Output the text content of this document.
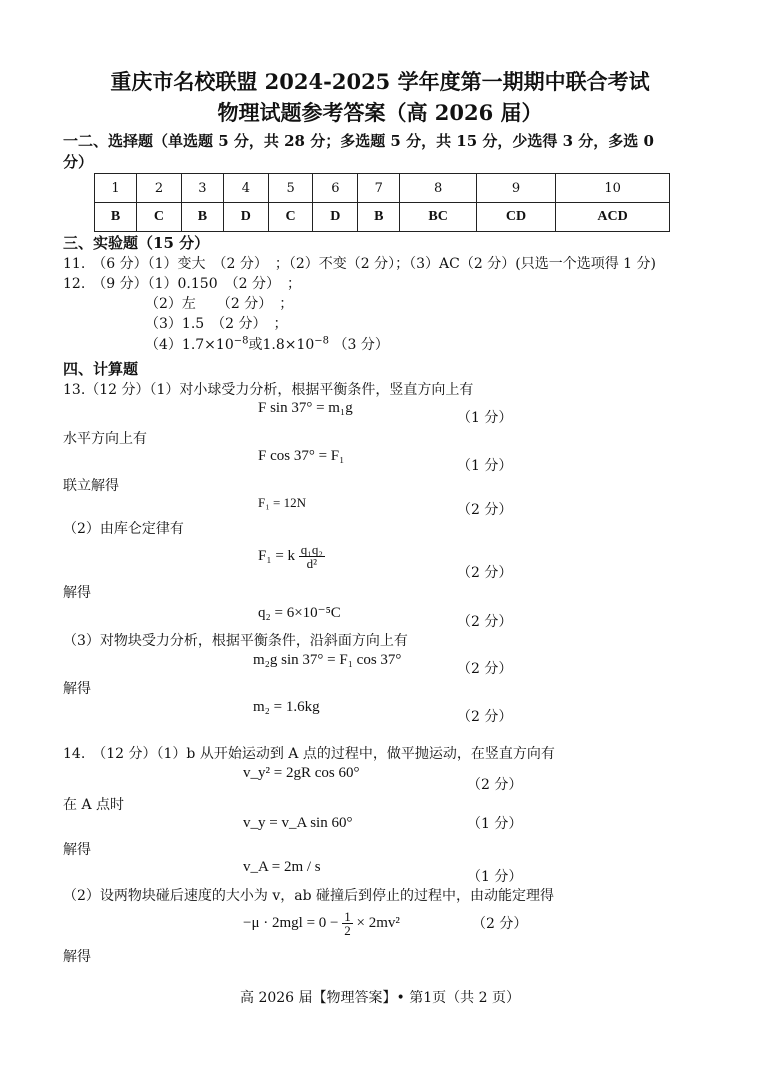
重庆市名校联盟 2024-2025 学年度第一期期中联合考试
物理试题参考答案（高 2026 届）
一二、选择题（单选题 5 分，共 28 分；多选题 5 分，共 15 分，少选得 3 分，多选 0
分）
1	2	3	4	5	6	7	8	9	10
B	C	B	D	C	D	B	BC	CD	ACD
三、实验题（15 分）
11.　（6 分）（1）变大　（2 分）　；（2）不变（2 分）；（3）AC（2 分）(只选一个选项得 1 分)
12.　（9 分）（1）0.150　（2 分）　；
（2）左　　（2 分）　；
（3）1.5　（2 分）　；
$(4)1.7\times 10^{-8}$或$1.8\times 10^{-8}$ （3 分）
四、计算题
13.（12 分）（1）对小球受力分析，根据平衡条件，竖直方向上有
F sin 37° = m₁g
（1 分）
水平方向上有
F cos 37° = F₁
（1 分）
联立解得
F₁ = 12N	（2 分）
（2）由库仑定律有
F₁ = k $\frac{\text{q₁q₂}}{\text{d²}}$
（2 分）
解得
q₂ = 6×10⁻⁵C
（2 分）
（3）对物块受力分析，根据平衡条件，沿斜面方向上有
m₂g sin 37° = F₁ cos 37°
（2 分）
解得
m₂ = 1.6kg
（2 分）
14.　（12 分）（1）b 从开始运动到 A 点的过程中，做平抛运动，在竖直方向有
v_y² = 2gR cos 60°
（2 分）
在 A 点时
v_y = v_A sin 60°	（1 分）
解得
v_A = 2m / s
（1 分）
（2）设两物块碰后速度的大小为 v，ab 碰撞后到停止的过程中，由动能定理得
$-\mu \cdot 2mgl = 0 - \frac{1}{2} \times 2mv^2$	（2 分）
解得
高 2026 届【物理答案】• 第1页（共 2 页）
